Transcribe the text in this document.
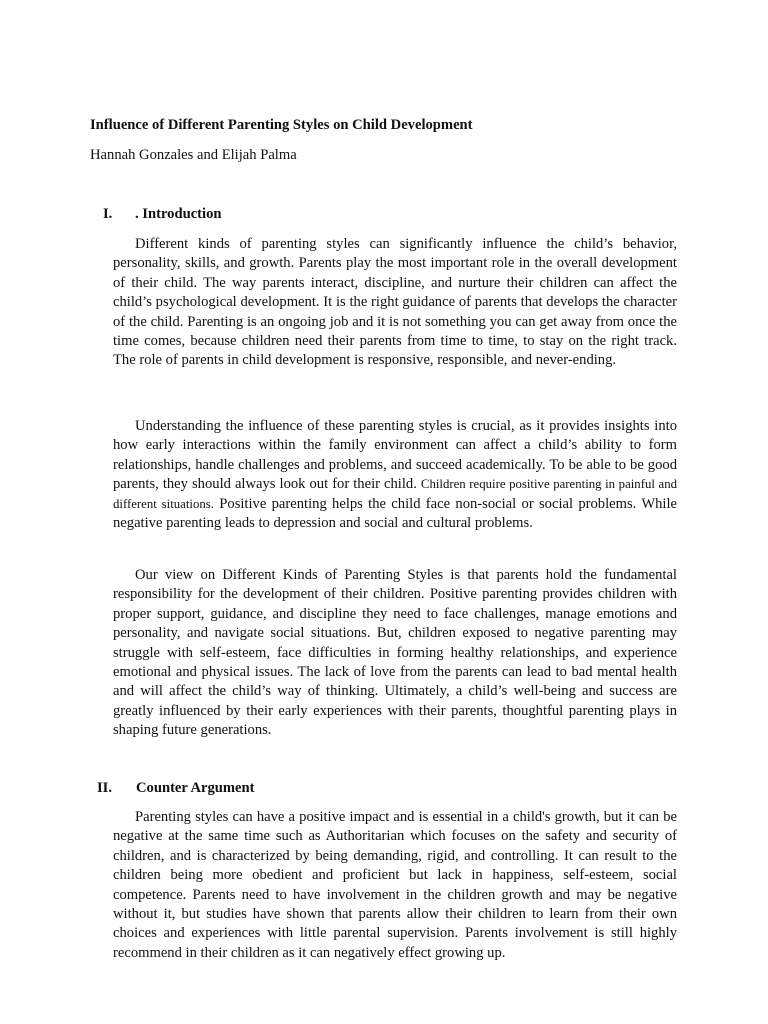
Influence of Different Parenting Styles on Child Development

Hannah Gonzales and Elijah Palma

I. . Introduction

Different kinds of parenting styles can significantly influence the child’s behavior, personality, skills, and growth. Parents play the most important role in the overall development of their child. The way parents interact, discipline, and nurture their children can affect the child’s psychological development. It is the right guidance of parents that develops the character of the child. Parenting is an ongoing job and it is not something you can get away from once the time comes, because children need their parents from time to time, to stay on the right track. The role of parents in child development is responsive, responsible, and never-ending.

Understanding the influence of these parenting styles is crucial, as it provides insights into how early interactions within the family environment can affect a child’s ability to form relationships, handle challenges and problems, and succeed academically. To be able to be good parents, they should always look out for their child. Children require positive parenting in painful and different situations. Positive parenting helps the child face non-social or social problems. While negative parenting leads to depression and social and cultural problems.

Our view on Different Kinds of Parenting Styles is that parents hold the fundamental responsibility for the development of their children. Positive parenting provides children with proper support, guidance, and discipline they need to face challenges, manage emotions and personality, and navigate social situations. But, children exposed to negative parenting may struggle with self-esteem, face difficulties in forming healthy relationships, and experience emotional and physical issues. The lack of love from the parents can lead to bad mental health and will affect the child’s way of thinking. Ultimately, a child’s well-being and success are greatly influenced by their early experiences with their parents, thoughtful parenting plays in shaping future generations.

II. Counter Argument

Parenting styles can have a positive impact and is essential in a child's growth, but it can be negative at the same time such as Authoritarian which focuses on the safety and security of children, and is characterized by being demanding, rigid, and controlling. It can result to the children being more obedient and proficient but lack in happiness, self-esteem, social competence. Parents need to have involvement in the children growth and may be negative without it, but studies have shown that parents allow their children to learn from their own choices and experiences with little parental supervision. Parents involvement is still highly recommend in their children as it can negatively effect growing up.
